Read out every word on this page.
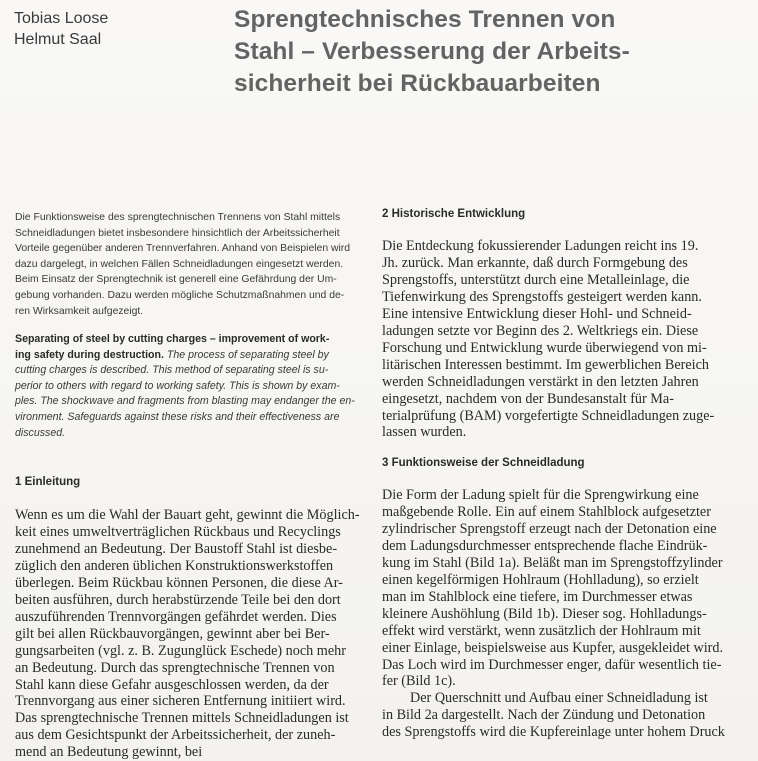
Tobias Loose
Helmut Saal
Sprengtechnisches Trennen von
Stahl – Verbesserung der Arbeits-
sicherheit bei Rückbauarbeiten
Die Funktionsweise des sprengtechnischen Trennens von Stahl mittels
Schneidladungen bietet insbesondere hinsichtlich der Arbeitssicherheit
Vorteile gegenüber anderen Trennverfahren. Anhand von Beispielen wird
dazu dargelegt, in welchen Fällen Schneidladungen eingesetzt werden.
Beim Einsatz der Sprengtechnik ist generell eine Gefährdung der Um-
gebung vorhanden. Dazu werden mögliche Schutzmaßnahmen und de-
ren Wirksamkeit aufgezeigt.
Separating of steel by cutting charges – improvement of work-
ing safety during destruction. The process of separating steel by
cutting charges is described. This method of separating steel is su-
perior to others with regard to working safety. This is shown by exam-
ples. The shockwave and fragments from blasting may endanger the en-
vironment. Safeguards against these risks and their effectiveness are
discussed.
1 Einleitung
Wenn es um die Wahl der Bauart geht, gewinnt die Möglich-
keit eines umweltverträglichen Rückbaus und Recyclings
zunehmend an Bedeutung. Der Baustoff Stahl ist diesbe-
züglich den anderen üblichen Konstruktionswerkstoffen
überlegen. Beim Rückbau können Personen, die diese Ar-
beiten ausführen, durch herabstürzende Teile bei den dort
auszuführenden Trennvorgängen gefährdet werden. Dies
gilt bei allen Rückbauvorgängen, gewinnt aber bei Ber-
gungsarbeiten (vgl. z. B. Zugunglück Eschede) noch mehr
an Bedeutung. Durch das sprengtechnische Trennen von
Stahl kann diese Gefahr ausgeschlossen werden, da der
Trennvorgang aus einer sicheren Entfernung initiiert wird.
Das sprengtechnische Trennen mittels Schneidladungen ist
aus dem Gesichtspunkt der Arbeitssicherheit, der zuneh-
mend an Bedeutung gewinnt, bei
2 Historische Entwicklung
Die Entdeckung fokussierender Ladungen reicht ins 19.
Jh. zurück. Man erkannte, daß durch Formgebung des
Sprengstoffs, unterstützt durch eine Metalleinlage, die
Tiefenwirkung des Sprengstoffs gesteigert werden kann.
Eine intensive Entwicklung dieser Hohl- und Schneid-
ladungen setzte vor Beginn des 2. Weltkriegs ein. Diese
Forschung und Entwicklung wurde überwiegend von mi-
litärischen Interessen bestimmt. Im gewerblichen Bereich
werden Schneidladungen verstärkt in den letzten Jahren
eingesetzt, nachdem von der Bundesanstalt für Ma-
terialprüfung (BAM) vorgefertigte Schneidladungen zuge-
lassen wurden.
3 Funktionsweise der Schneidladung
Die Form der Ladung spielt für die Sprengwirkung eine
maßgebende Rolle. Ein auf einem Stahlblock aufgesetzter
zylindrischer Sprengstoff erzeugt nach der Detonation eine
dem Ladungsdurchmesser entsprechende flache Eindrük-
kung im Stahl (Bild 1a). Beläßt man im Sprengstoffzylinder
einen kegelförmigen Hohlraum (Hohlladung), so erzielt
man im Stahlblock eine tiefere, im Durchmesser etwas
kleinere Aushöhlung (Bild 1b). Dieser sog. Hohlladungs-
effekt wird verstärkt, wenn zusätzlich der Hohlraum mit
einer Einlage, beispielsweise aus Kupfer, ausgekleidet wird.
Das Loch wird im Durchmesser enger, dafür wesentlich tie-
fer (Bild 1c).
Der Querschnitt und Aufbau einer Schneidladung ist
in Bild 2a dargestellt. Nach der Zündung und Detonation
des Sprengstoffs wird die Kupfereinlage unter hohem Druck
